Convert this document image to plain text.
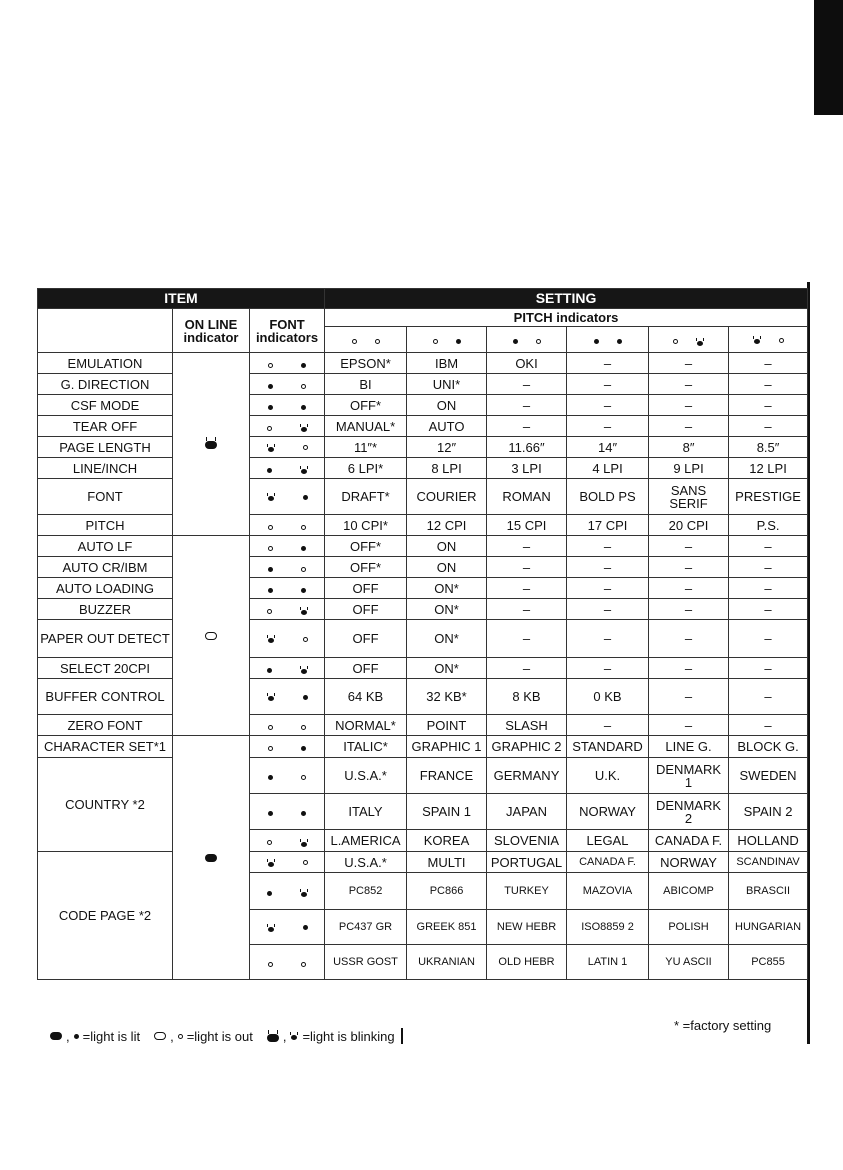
ITEM			SETTING					
	ON LINE indicator	FONT indicators	PITCH indicators					

EMULATION			EPSON*	IBM	OKI	–	–	–
G. DIRECTION			BI	UNI*	–	–	–	–
CSF MODE			OFF*	ON	–	–	–	–
TEAR OFF			MANUAL*	AUTO	–	–	–	–
PAGE LENGTH			11″*	12″	11.66″	14″	8″	8.5″
LINE/INCH			6 LPI*	8 LPI	3 LPI	4 LPI	9 LPI	12 LPI
FONT			DRAFT*	COURIER	ROMAN	BOLD PS	SANS SERIF	PRESTIGE
PITCH			10 CPI*	12 CPI	15 CPI	17 CPI	20 CPI	P.S.
AUTO LF			OFF*	ON	–	–	–	–
AUTO CR/IBM			OFF*	ON	–	–	–	–
AUTO LOADING			OFF	ON*	–	–	–	–
BUZZER			OFF	ON*	–	–	–	–
PAPER OUT DETECT			OFF	ON*	–	–	–	–
SELECT 20CPI			OFF	ON*	–	–	–	–
BUFFER CONTROL			64 KB	32 KB*	8 KB	0 KB	–	–
ZERO FONT			NORMAL*	POINT	SLASH	–	–	–
CHARACTER SET*1			ITALIC*	GRAPHIC 1	GRAPHIC 2	STANDARD	LINE G.	BLOCK G.
COUNTRY *2			U.S.A.*	FRANCE	GERMANY	U.K.	DENMARK 1	SWEDEN

			ITALY	SPAIN 1	JAPAN	NORWAY	DENMARK 2	SPAIN 2

			L.AMERICA	KOREA	SLOVENIA	LEGAL	CANADA F.	HOLLAND
CODE PAGE *2			U.S.A.*	MULTI	PORTUGAL	CANADA F.	NORWAY	SCANDINAV

			PC852	PC866	TURKEY	MAZOVIA	ABICOMP	BRASCII

			PC437 GR	GREEK 851	NEW HEBR	ISO8859 2	POLISH	HUNGARIAN

			USSR GOST	UKRANIAN	OLD HEBR	LATIN 1	YU ASCII	PC855
* =factory setting
, =light is lit	, =light is out	, =light is blinking
